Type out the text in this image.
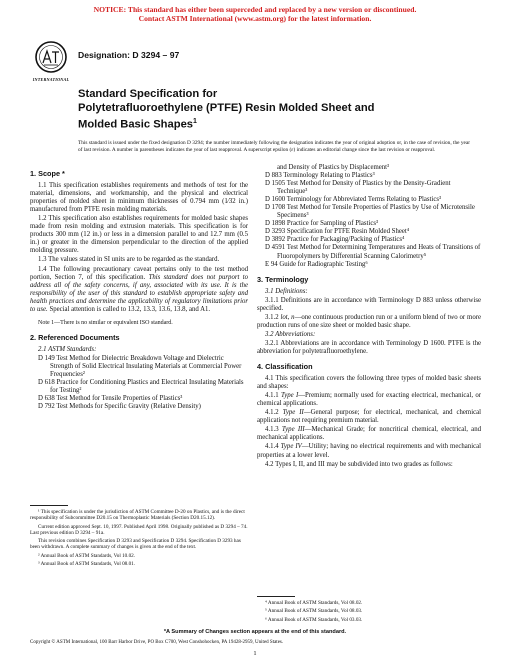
NOTICE: This standard has either been superceded and replaced by a new version or discontinued.
Contact ASTM International (www.astm.org) for the latest information.
INTERNATIONAL
Designation: D 3294 – 97
Standard Specification for
Polytetrafluoroethylene (PTFE) Resin Molded Sheet and
Molded Basic Shapes$^1$
This standard is issued under the fixed designation D 3294; the number immediately following the designation indicates the year of original adoption or, in the case of revision, the year of last revision. A number in parentheses indicates the year of last reapproval. A superscript epsilon (ε) indicates an editorial change since the last revision or reapproval.
1. Scope *
1.1 This specification establishes requirements and methods of test for the material, dimensions, and workmanship, and the physical and electrical properties of molded sheet in minimum thicknesses of 0.794 mm (1⁄32 in.) manufactured from PTFE resin molding materials.
1.2 This specification also establishes requirements for molded basic shapes made from resin molding and extrusion materials. This specification is for products 300 mm (12 in.) or less in a dimension parallel to and 12.7 mm (0.5 in.) or greater in the dimension perpendicular to the direction of the applied molding pressure.
1.3 The values stated in SI units are to be regarded as the standard.
1.4 The following precautionary caveat pertains only to the test method portion, Section 7, of this specification. This standard does not purport to address all of the safety concerns, if any, associated with its use. It is the responsibility of the user of this standard to establish appropriate safety and health practices and determine the applicability of regulatory limitations prior to use. Special attention is called to 13.2, 13.3, 13.6, 13.8, and A1.
Note 1—There is no similar or equivalent ISO standard.
2. Referenced Documents
2.1 ASTM Standards:
D 149 Test Method for Dielectric Breakdown Voltage and Dielectric Strength of Solid Electrical Insulating Materials at Commercial Power Frequencies²
D 618 Practice for Conditioning Plastics and Electrical Insulating Materials for Testing²
D 638 Test Method for Tensile Properties of Plastics³
D 792 Test Methods for Specific Gravity (Relative Density)
and Density of Plastics by Displacement³
D 883 Terminology Relating to Plastics³
D 1505 Test Method for Density of Plastics by the Density-Gradient Technique³
D 1600 Terminology for Abbreviated Terms Relating to Plastics³
D 1708 Test Method for Tensile Properties of Plastics by Use of Microtensile Specimens³
D 1898 Practice for Sampling of Plastics³
D 3293 Specification for PTFE Resin Molded Sheet⁴
D 3892 Practice for Packaging/Packing of Plastics⁴
D 4591 Test Method for Determining Temperatures and Heats of Transitions of Fluoropolymers by Differential Scanning Calorimetry⁵
E 94 Guide for Radiographic Testing⁶
3. Terminology
3.1 Definitions:
3.1.1 Definitions are in accordance with Terminology D 883 unless otherwise specified.
3.1.2 lot, n—one continuous production run or a uniform blend of two or more production runs of one size sheet or molded basic shape.
3.2 Abbreviations:
3.2.1 Abbreviations are in accordance with Terminology D 1600. PTFE is the abbreviation for polytetrafluoroethylene.
4. Classification
4.1 This specification covers the following three types of molded basic sheets and shapes:
4.1.1 Type I—Premium; normally used for exacting electrical, mechanical, or chemical applications.
4.1.2 Type II—General purpose; for electrical, mechanical, and chemical applications not requiring premium material.
4.1.3 Type III—Mechanical Grade; for noncritical chemical, electrical, and mechanical applications.
4.1.4 Type IV—Utility; having no electrical requirements and with mechanical properties at a lower level.
4.2 Types I, II, and III may be subdivided into two grades as follows:
¹ This specification is under the jurisdiction of ASTM Committee D-20 on Plastics, and is the direct responsibility of Subcommittee D20.15 on Thermoplastic Materials (Section D20.15.12).
Current edition approved Sept. 10, 1997. Published April 1998. Originally published as D 3294 – 74. Last previous edition D 3294 – 91a.
This revision combines Specification D 3293 and Specification D 3294. Specification D 3293 has been withdrawn. A complete summary of changes is given at the end of the text.
² Annual Book of ASTM Standards, Vol 10.02.
³ Annual Book of ASTM Standards, Vol 08.01.
⁴ Annual Book of ASTM Standards, Vol 08.02.
⁵ Annual Book of ASTM Standards, Vol 08.03.
⁶ Annual Book of ASTM Standards, Vol 03.03.
*A Summary of Changes section appears at the end of this standard.
Copyright © ASTM International, 100 Barr Harbor Drive, PO Box C700, West Conshohocken, PA 19428-2959, United States.
1
